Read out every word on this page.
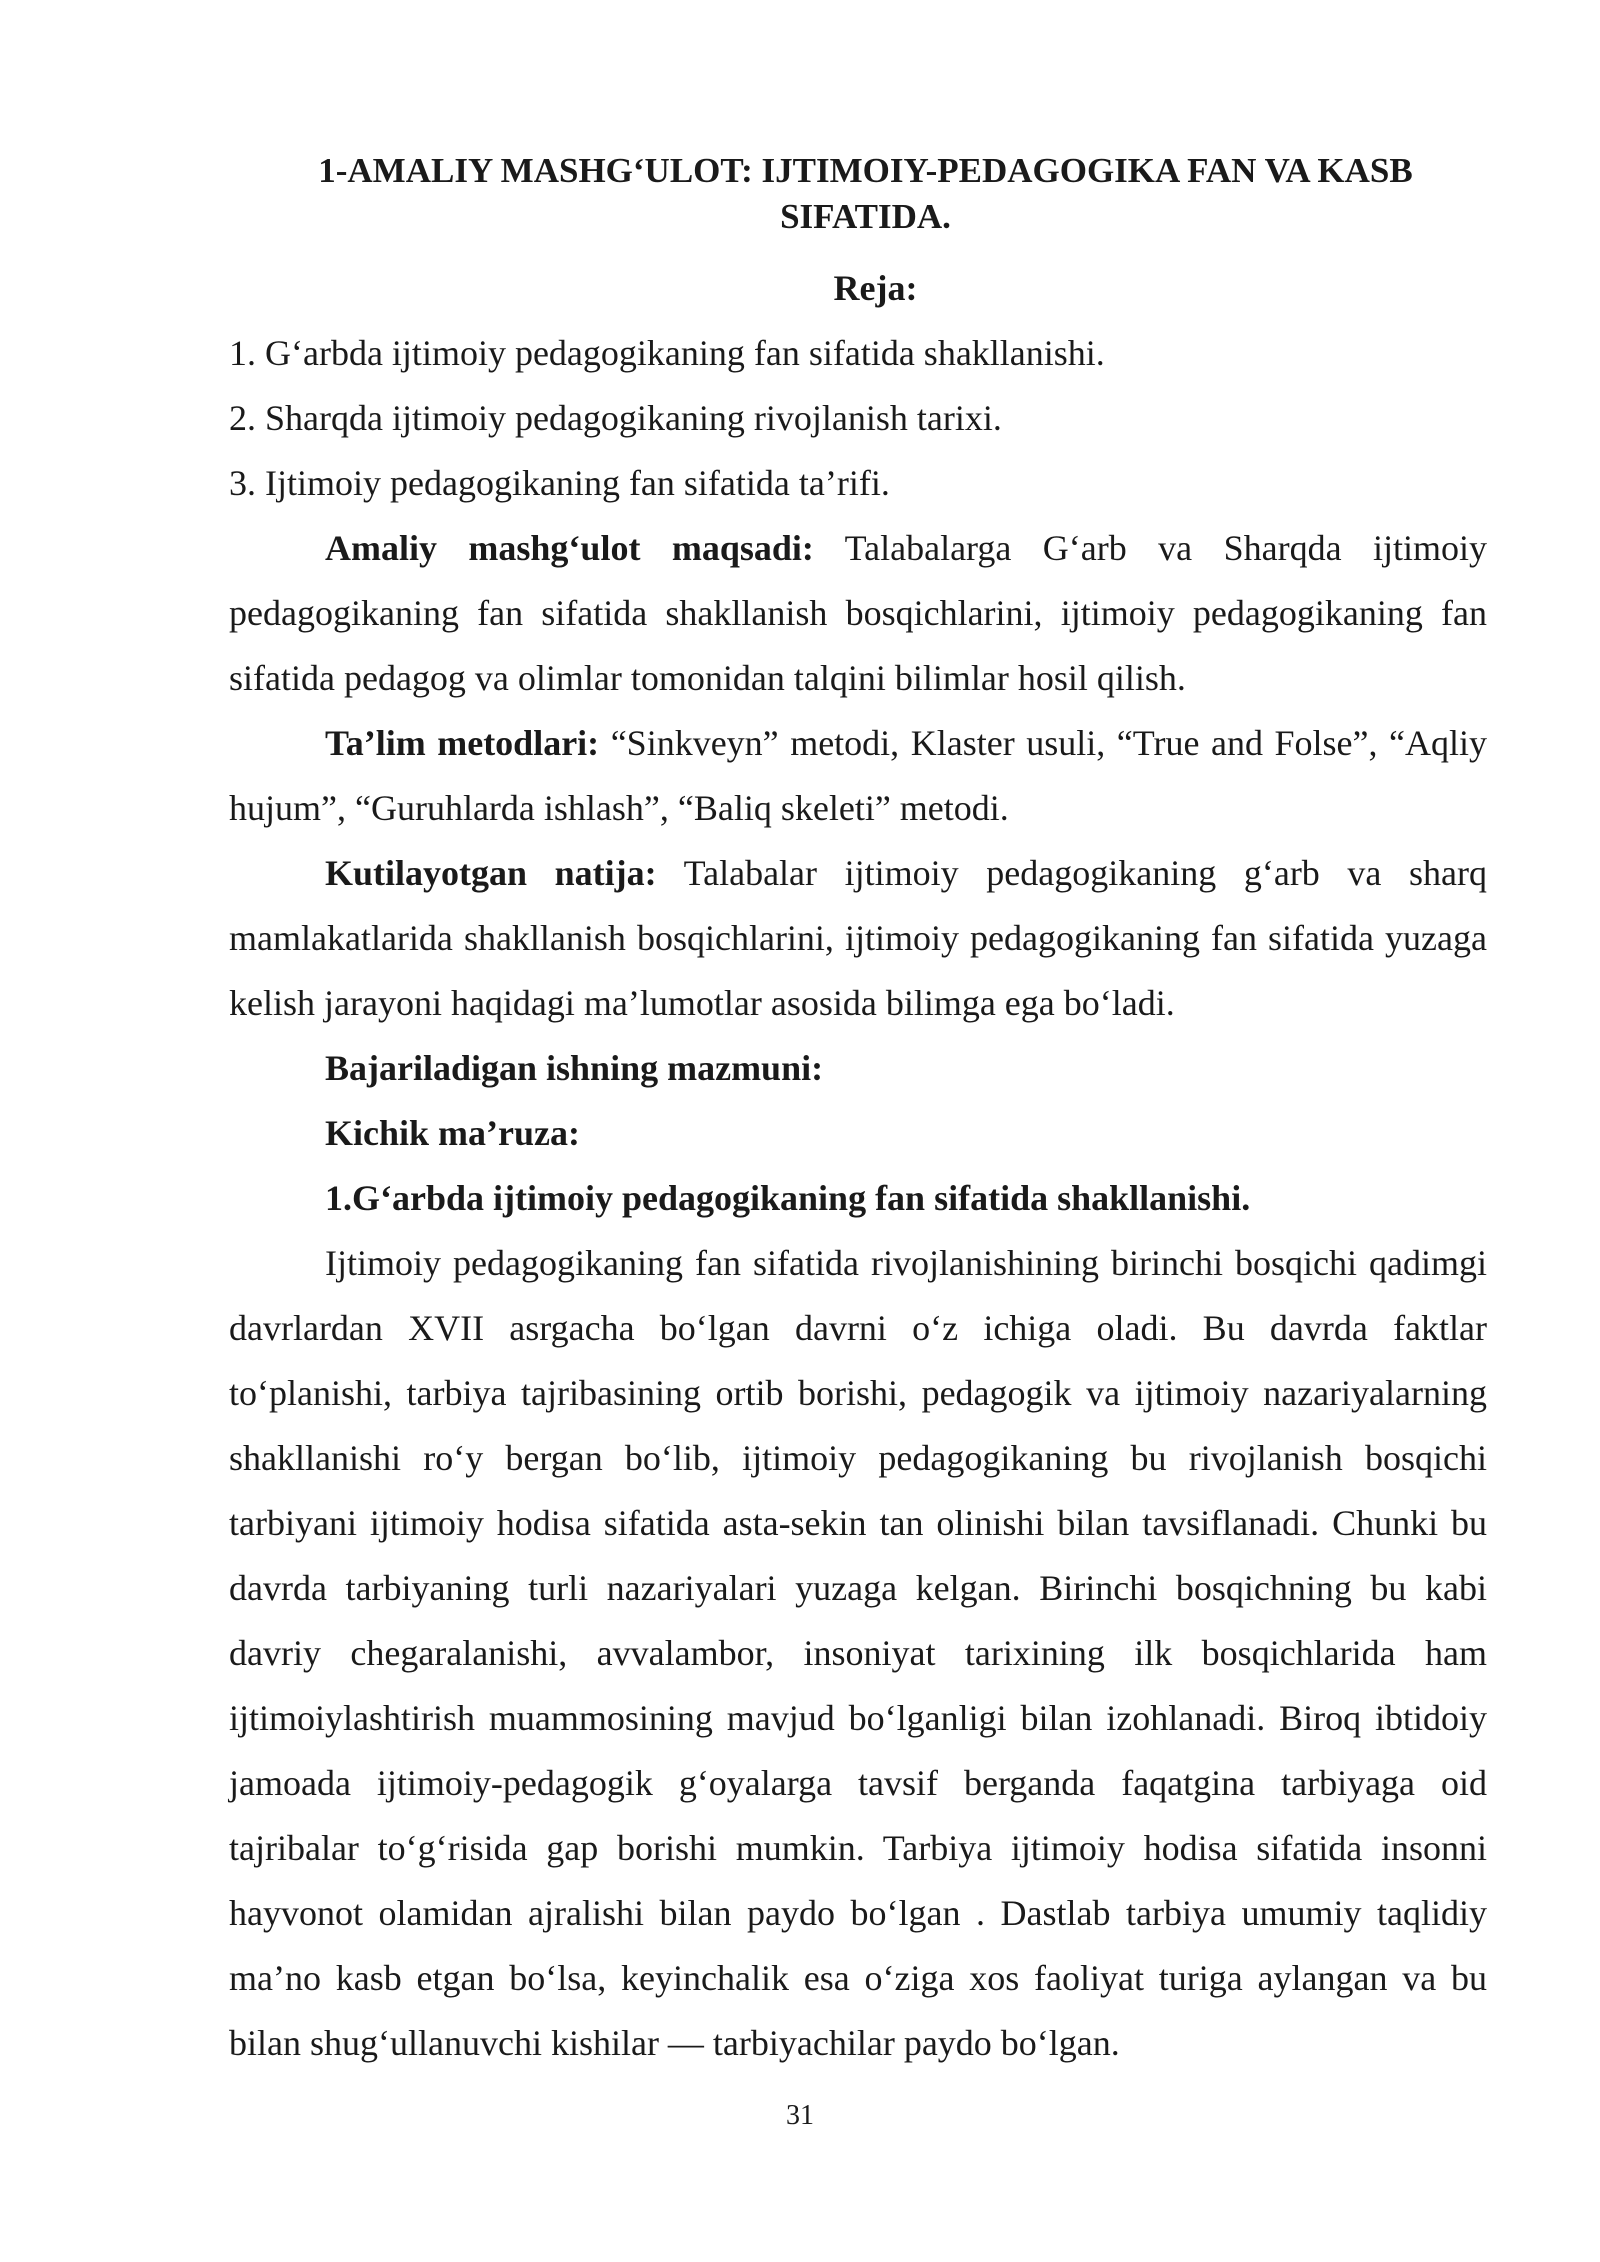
1-AMALIY MASHG‘ULOT: IJTIMOIY-PEDAGOGIKA FAN VA KASB
SIFATIDA.

Reja:

1. G‘arbda ijtimoiy pedagogikaning fan sifatida shakllanishi.
2. Sharqda ijtimoiy pedagogikaning rivojlanish tarixi.
3. Ijtimoiy pedagogikaning fan sifatida ta’rifi.

Amaliy mashg‘ulot maqsadi: Talabalarga G‘arb va Sharqda ijtimoiy pedagogikaning fan sifatida shakllanish bosqichlarini, ijtimoiy pedagogikaning fan sifatida pedagog va olimlar tomonidan talqini bilimlar hosil qilish.

Ta’lim metodlari: “Sinkveyn” metodi, Klaster usuli, “True and Folse”, “Aqliy hujum”, “Guruhlarda ishlash”, “Baliq skeleti” metodi.

Kutilayotgan natija: Talabalar ijtimoiy pedagogikaning g‘arb va sharq mamlakatlarida shakllanish bosqichlarini, ijtimoiy pedagogikaning fan sifatida yuzaga kelish jarayoni haqidagi ma’lumotlar asosida bilimga ega bo‘ladi.

Bajariladigan ishning mazmuni:

Kichik ma’ruza:

1.G‘arbda ijtimoiy pedagogikaning fan sifatida shakllanishi.

Ijtimoiy pedagogikaning fan sifatida rivojlanishining birinchi bosqichi qadimgi davrlardan XVII asrgacha bo‘lgan davrni o‘z ichiga oladi. Bu davrda faktlar to‘planishi, tarbiya tajribasining ortib borishi, pedagogik va ijtimoiy nazariyalarning shakllanishi ro‘y bergan bo‘lib, ijtimoiy pedagogikaning bu rivojlanish bosqichi tarbiyani ijtimoiy hodisa sifatida asta-sekin tan olinishi bilan tavsiflanadi. Chunki bu davrda tarbiyaning turli nazariyalari yuzaga kelgan. Birinchi bosqichning bu kabi davriy chegaralanishi, avvalambor, insoniyat tarixining ilk bosqichlarida ham ijtimoiylashtirish muammosining mavjud bo‘lganligi bilan izohlanadi. Biroq ibtidoiy jamoada ijtimoiy-pedagogik g‘oyalarga tavsif berganda faqatgina tarbiyaga oid tajribalar to‘g‘risida gap borishi mumkin. Tarbiya ijtimoiy hodisa sifatida insonni hayvonot olamidan ajralishi bilan paydo bo‘lgan . Dastlab tarbiya umumiy taqlidiy ma’no kasb etgan bo‘lsa, keyinchalik esa o‘ziga xos faoliyat turiga aylangan va bu bilan shug‘ullanuvchi kishilar — tarbiyachilar paydo bo‘lgan.

31
